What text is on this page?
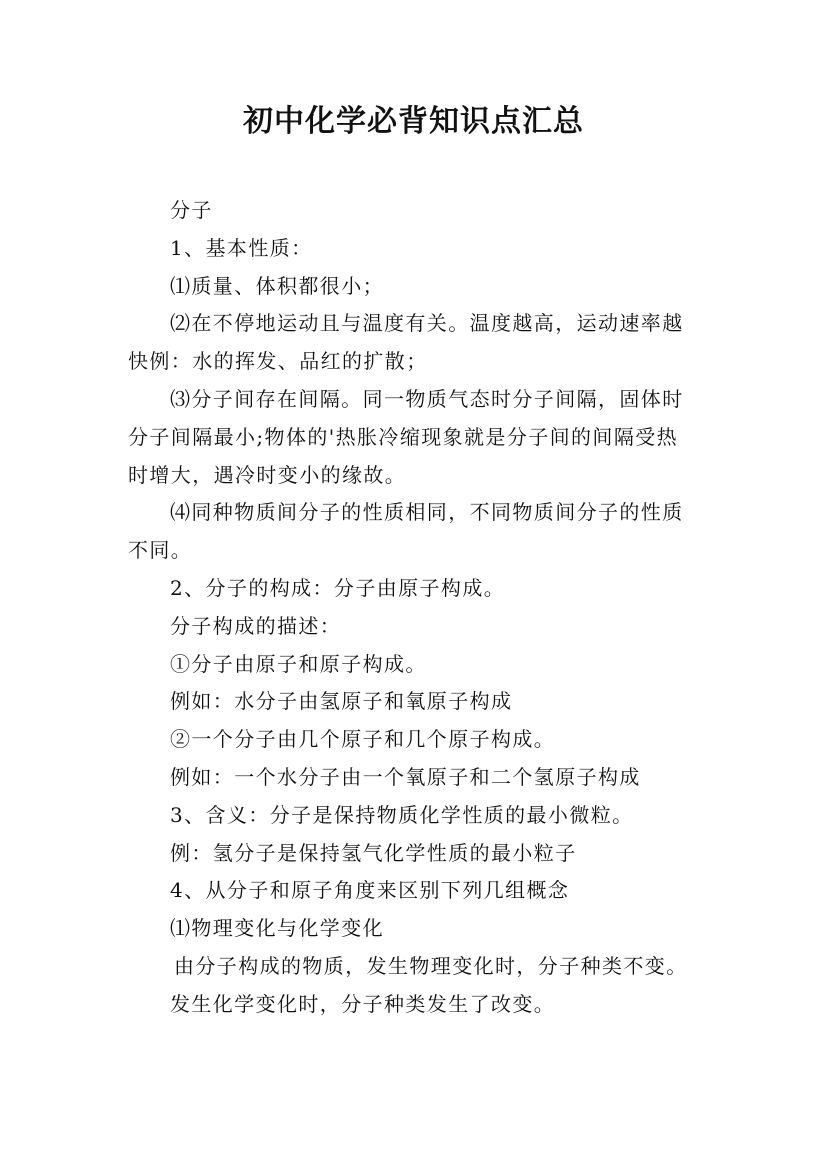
初中化学必背知识点汇总

分子

1、基本性质：

⑴质量、体积都很小；

⑵在不停地运动且与温度有关。温度越高，运动速率越

快例：水的挥发、品红的扩散；

⑶分子间存在间隔。同一物质气态时分子间隔，固体时

分子间隔最小;物体的'热胀冷缩现象就是分子间的间隔受热

时增大，遇冷时变小的缘故。

⑷同种物质间分子的性质相同，不同物质间分子的性质

不同。

2、分子的构成：分子由原子构成。

分子构成的描述：

①分子由原子和原子构成。

例如：水分子由氢原子和氧原子构成

②一个分子由几个原子和几个原子构成。

例如：一个水分子由一个氧原子和二个氢原子构成

3、含义：分子是保持物质化学性质的最小微粒。

例：氢分子是保持氢气化学性质的最小粒子

4、从分子和原子角度来区别下列几组概念

⑴物理变化与化学变化

由分子构成的物质，发生物理变化时，分子种类不变。

发生化学变化时，分子种类发生了改变。
